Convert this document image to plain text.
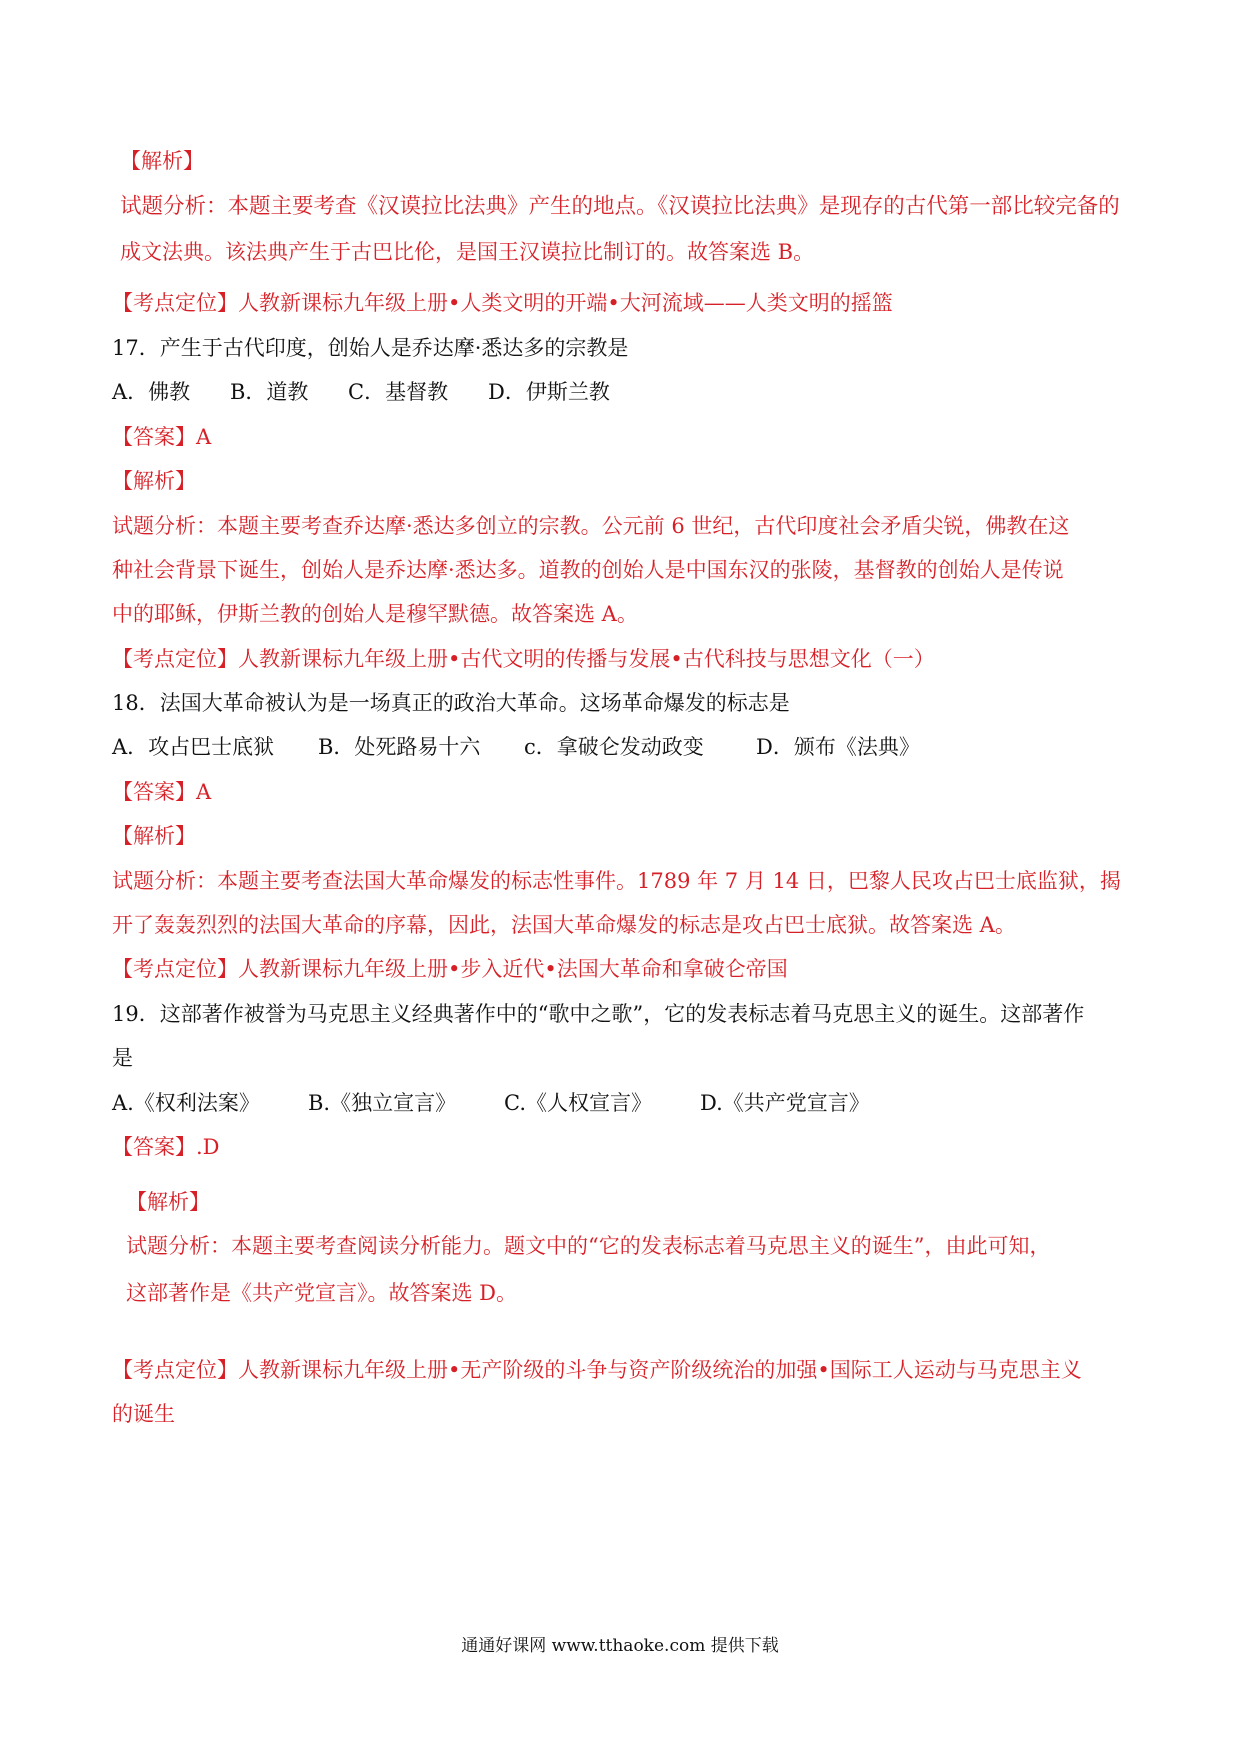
【解析】
试题分析：本题主要考查《汉谟拉比法典》产生的地点。《汉谟拉比法典》是现存的古代第一部比较完备的
成文法典。该法典产生于古巴比伦，是国王汉谟拉比制订的。故答案选 B。
【考点定位】人教新课标九年级上册•人类文明的开端•大河流域——人类文明的摇篮
17．产生于古代印度，创始人是乔达摩·悉达多的宗教是
A．佛教 B．道教 C．基督教 D．伊斯兰教
【答案】A
【解析】
试题分析：本题主要考查乔达摩·悉达多创立的宗教。公元前 6 世纪，古代印度社会矛盾尖锐，佛教在这
种社会背景下诞生，创始人是乔达摩·悉达多。道教的创始人是中国东汉的张陵，基督教的创始人是传说
中的耶稣，伊斯兰教的创始人是穆罕默德。故答案选 A。
【考点定位】人教新课标九年级上册•古代文明的传播与发展•古代科技与思想文化（一）
18．法国大革命被认为是一场真正的政治大革命。这场革命爆发的标志是
A．攻占巴士底狱 B．处死路易十六 c．拿破仑发动政变 D．颁布《法典》
【答案】A
【解析】
试题分析：本题主要考查法国大革命爆发的标志性事件。1789 年 7 月 14 日，巴黎人民攻占巴士底监狱，揭
开了轰轰烈烈的法国大革命的序幕，因此，法国大革命爆发的标志是攻占巴士底狱。故答案选 A。
【考点定位】人教新课标九年级上册•步入近代•法国大革命和拿破仑帝国
19．这部著作被誉为马克思主义经典著作中的“歌中之歌”，它的发表标志着马克思主义的诞生。这部著作
是
A.《权利法案》 B.《独立宣言》 C.《人权宣言》 D.《共产党宣言》
【答案】.D
【解析】
试题分析：本题主要考查阅读分析能力。题文中的“它的发表标志着马克思主义的诞生”，由此可知，
这部著作是《共产党宣言》。故答案选 D。
【考点定位】人教新课标九年级上册•无产阶级的斗争与资产阶级统治的加强•国际工人运动与马克思主义
的诞生
通通好课网 www.tthaoke.com 提供下载
